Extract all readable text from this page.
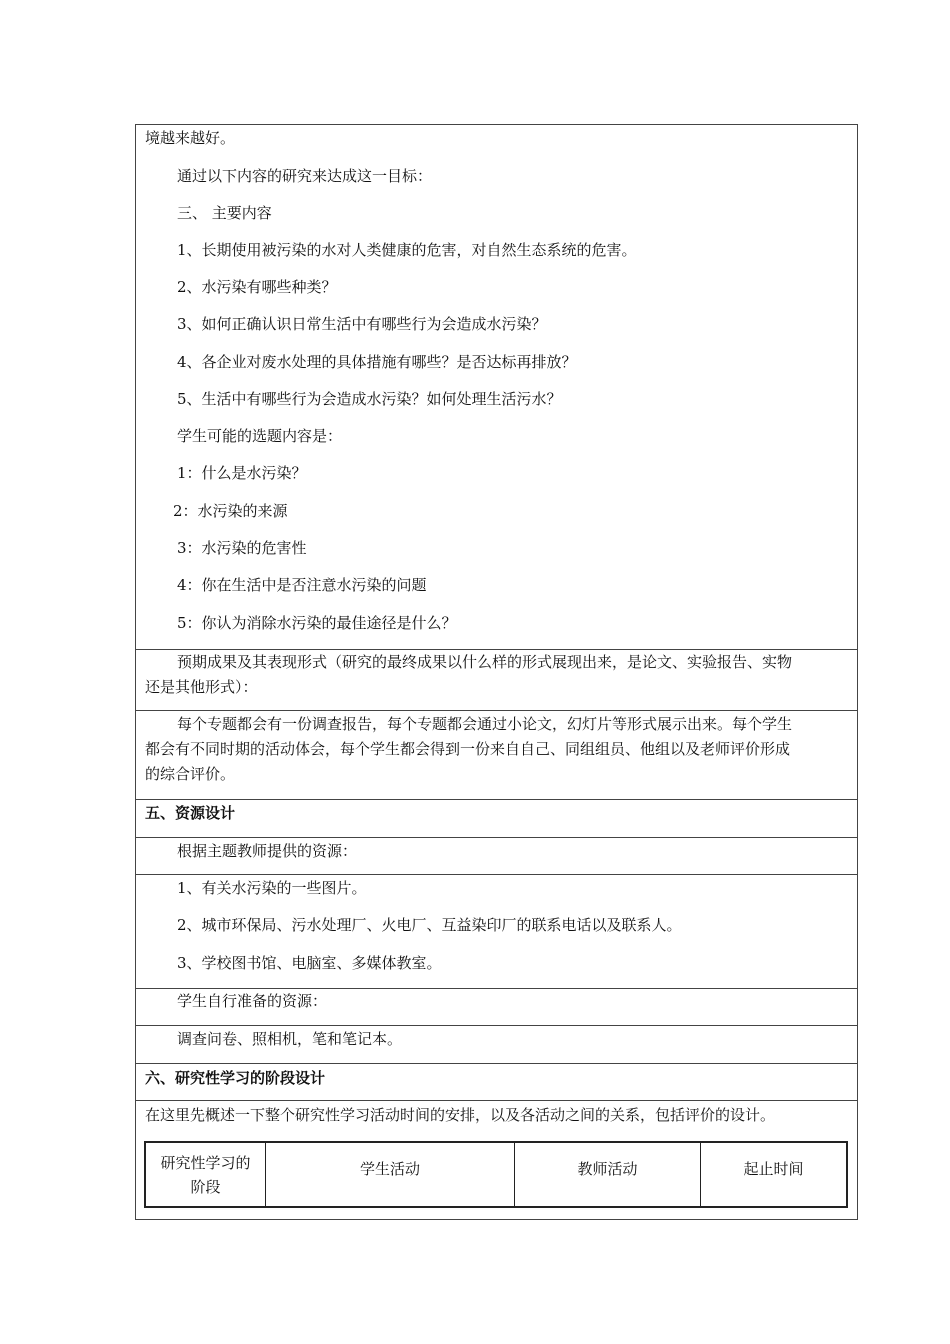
境越来越好。
通过以下内容的研究来达成这一目标：
三、 主要内容
1、长期使用被污染的水对人类健康的危害，对自然生态系统的危害。
2、水污染有哪些种类？
3、如何正确认识日常生活中有哪些行为会造成水污染？
4、各企业对废水处理的具体措施有哪些？是否达标再排放？
5、生活中有哪些行为会造成水污染？如何处理生活污水？
学生可能的选题内容是：
1：什么是水污染？
2：水污染的来源
3：水污染的危害性
4：你在生活中是否注意水污染的问题
5：你认为消除水污染的最佳途径是什么？
预期成果及其表现形式（研究的最终成果以什么样的形式展现出来，是论文、实验报告、实物
还是其他形式）：
每个专题都会有一份调查报告，每个专题都会通过小论文，幻灯片等形式展示出来。每个学生
都会有不同时期的活动体会，每个学生都会得到一份来自自己、同组组员、他组以及老师评价形成
的综合评价。
五、资源设计
根据主题教师提供的资源：
1、有关水污染的一些图片。
2、城市环保局、污水处理厂、火电厂、互益染印厂的联系电话以及联系人。
3、学校图书馆、电脑室、多媒体教室。
学生自行准备的资源：
调查问卷、照相机，笔和笔记本。
六、研究性学习的阶段设计
在这里先概述一下整个研究性学习活动时间的安排，以及各活动之间的关系，包括评价的设计。
研究性学习的
阶段
学生活动	教师活动	起止时间
